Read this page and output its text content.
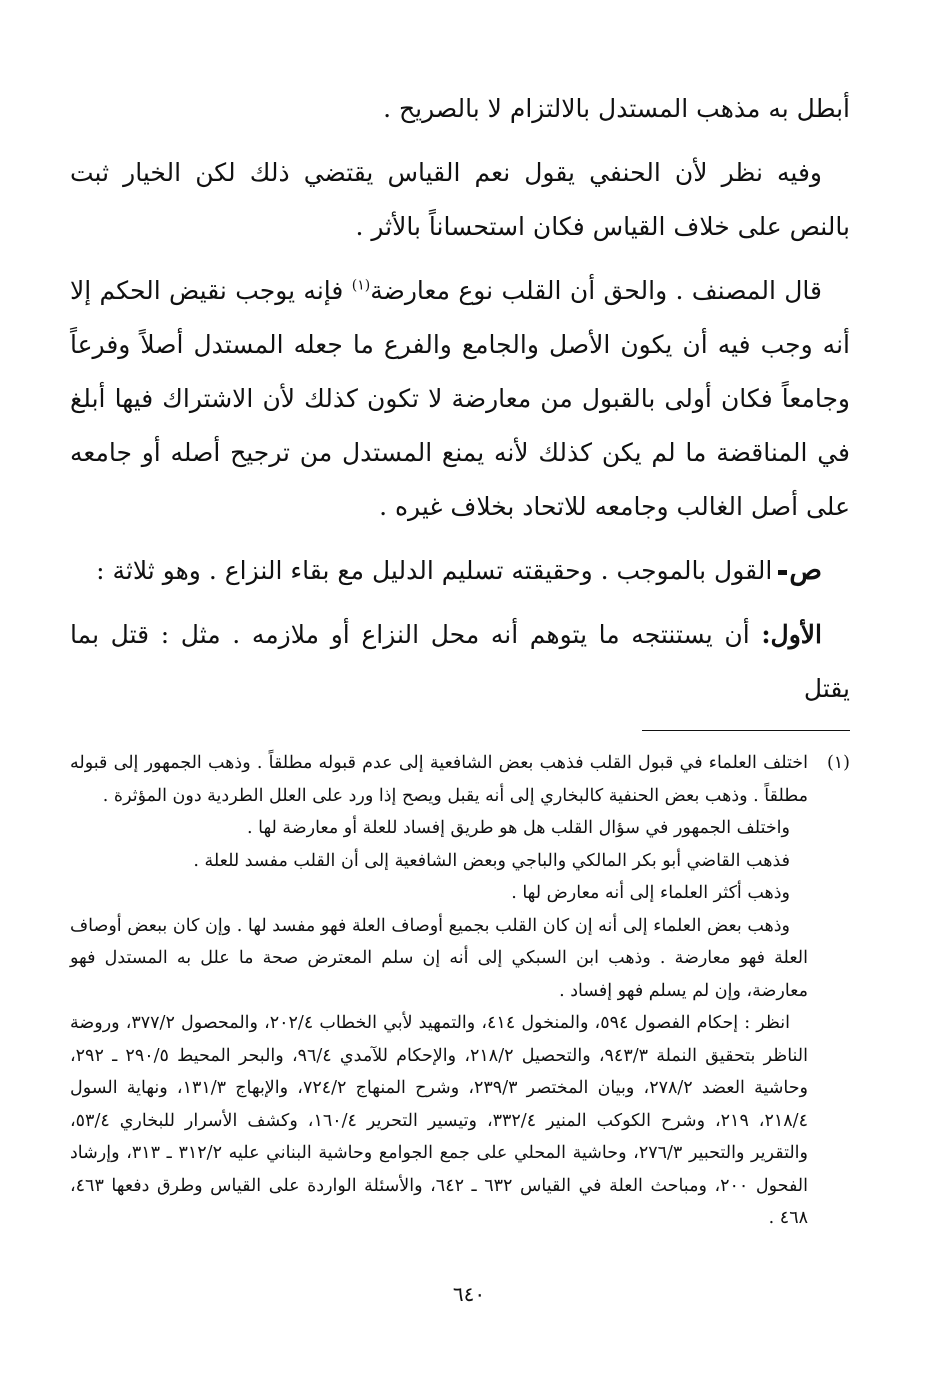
أبطل به مذهب المستدل بالالتزام لا بالصريح .

وفيه نظر لأن الحنفي يقول نعم القياس يقتضي ذلك لكن الخيار ثبت بالنص على خلاف القياس فكان استحساناً بالأثر .

قال المصنف . والحق أن القلب نوع معارضة$^{(١)}$ فإنه يوجب نقيض الحكم إلا أنه وجب فيه أن يكون الأصل والجامع والفرع ما جعله المستدل أصلاً وفرعاً وجامعاً فكان أولى بالقبول من معارضة لا تكون كذلك لأن الاشتراك فيها أبلغ في المناقضة ما لم يكن كذلك لأنه يمنع المستدل من ترجيح أصله أو جامعه على أصل الغالب وجامعه للاتحاد بخلاف غيره .

صالقول بالموجب . وحقيقته تسليم الدليل مع بقاء النزاع . وهو ثلاثة :

الأول: أن يستنتجه ما يتوهم أنه محل النزاع أو ملازمه . مثل : قتل بما يقتل

(١)
اختلف العلماء في قبول القلب فذهب بعض الشافعية إلى عدم قبوله مطلقاً . وذهب الجمهور إلى قبوله مطلقاً . وذهب بعض الحنفية كالبخاري إلى أنه يقبل ويصح إذا ورد على العلل الطردية دون المؤثرة .

واختلف الجمهور في سؤال القلب هل هو طريق إفساد للعلة أو معارضة لها .

فذهب القاضي أبو بكر المالكي والباجي وبعض الشافعية إلى أن القلب مفسد للعلة .

وذهب أكثر العلماء إلى أنه معارض لها .

وذهب بعض العلماء إلى أنه إن كان القلب بجميع أوصاف العلة فهو مفسد لها . وإن كان ببعض أوصاف العلة فهو معارضة . وذهب ابن السبكي إلى أنه إن سلم المعترض صحة ما علل به المستدل فهو معارضة، وإن لم يسلم فهو إفساد .

انظر : إحكام الفصول ٥٩٤، والمنخول ٤١٤، والتمهيد لأبي الخطاب ٢٠٢/٤، والمحصول ٣٧٧/٢، وروضة الناظر بتحقيق النملة ٩٤٣/٣، والتحصيل ٢١٨/٢، والإحكام للآمدي ٩٦/٤، والبحر المحيط ٢٩٠/٥ ـ ٢٩٢، وحاشية العضد ٢٧٨/٢، وبيان المختصر ٢٣٩/٣، وشرح المنهاج ٧٢٤/٢، والإبهاج ١٣١/٣، ونهاية السول ٢١٨/٤، ٢١٩، وشرح الكوكب المنير ٣٣٢/٤، وتيسير التحرير ١٦٠/٤، وكشف الأسرار للبخاري ٥٣/٤، والتقرير والتحبير ٢٧٦/٣، وحاشية المحلي على جمع الجوامع وحاشية البناني عليه ٣١٢/٢ ـ ٣١٣، وإرشاد الفحول ٢٠٠، ومباحث العلة في القياس ٦٣٢ ـ ٦٤٢، والأسئلة الواردة على القياس وطرق دفعها ٤٦٣، ٤٦٨ .

٦٤٠
